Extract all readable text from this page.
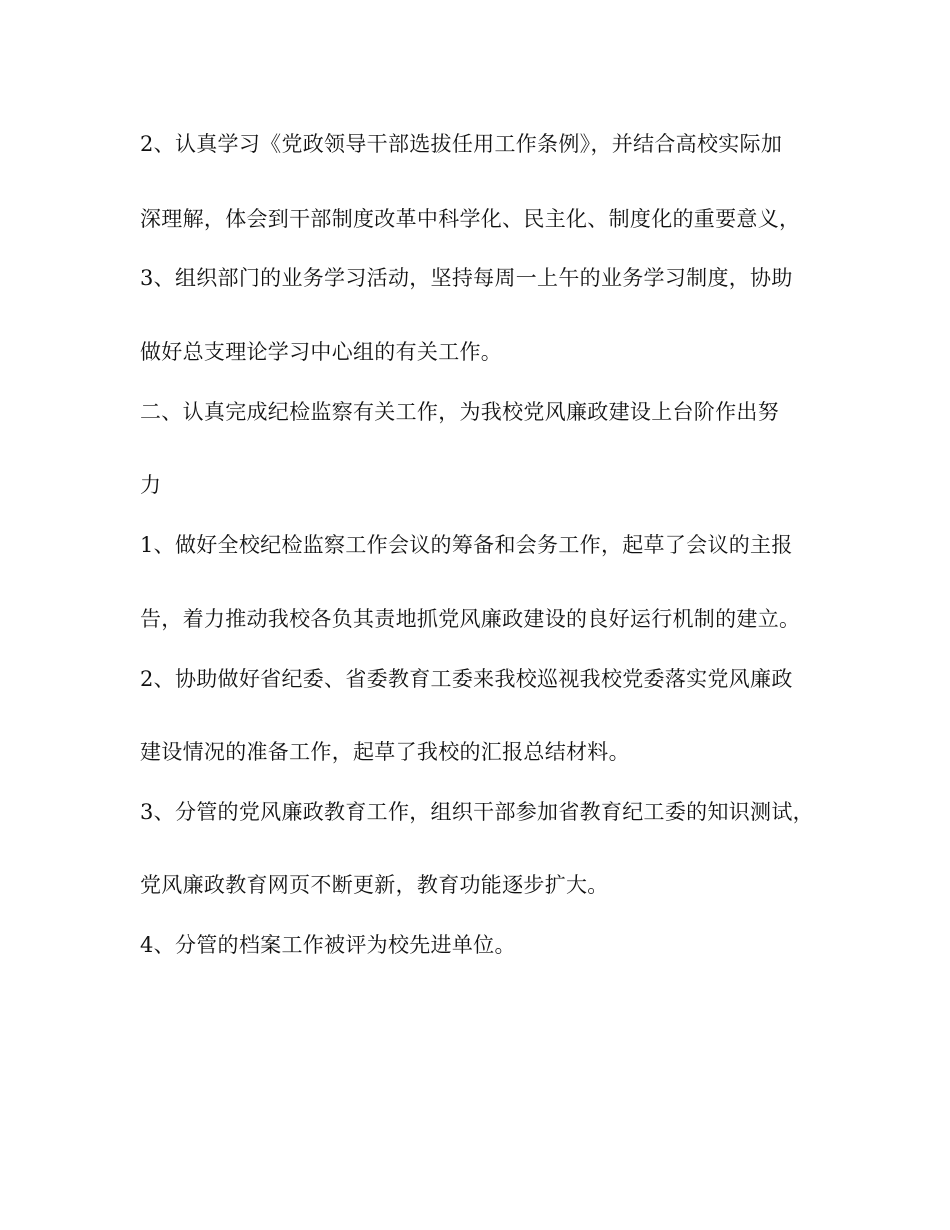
2、认真学习《党政领导干部选拔任用工作条例》，并结合高校实际加
深理解，体会到干部制度改革中科学化、民主化、制度化的重要意义，
3、组织部门的业务学习活动，坚持每周一上午的业务学习制度，协助
做好总支理论学习中心组的有关工作。
二、认真完成纪检监察有关工作，为我校党风廉政建设上台阶作出努
力
1、做好全校纪检监察工作会议的筹备和会务工作，起草了会议的主报
告，着力推动我校各负其责地抓党风廉政建设的良好运行机制的建立。
2、协助做好省纪委、省委教育工委来我校巡视我校党委落实党风廉政
建设情况的准备工作，起草了我校的汇报总结材料。
3、分管的党风廉政教育工作，组织干部参加省教育纪工委的知识测试，
党风廉政教育网页不断更新，教育功能逐步扩大。
4、分管的档案工作被评为校先进单位。
